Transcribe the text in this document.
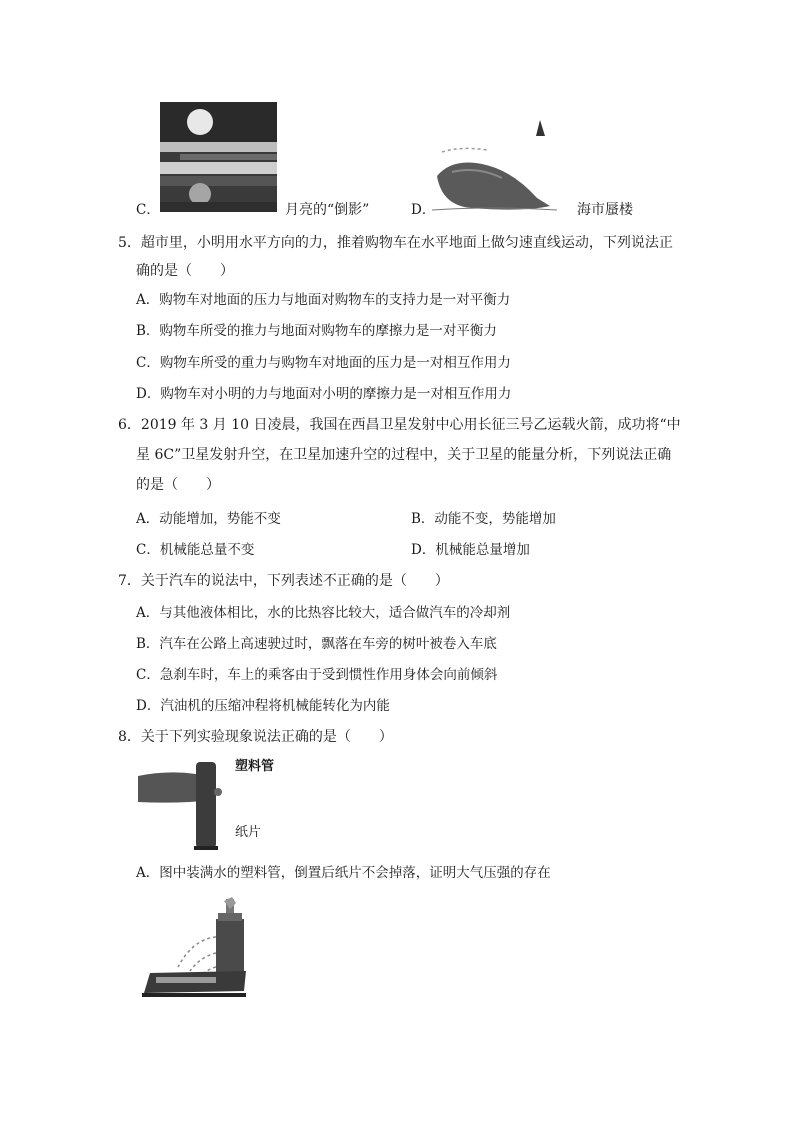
C．	月亮的“倒影”	D．	海市蜃楼
5．超市里，小明用水平方向的力，推着购物车在水平地面上做匀速直线运动，下列说法正
确的是（　　）
A．购物车对地面的压力与地面对购物车的支持力是一对平衡力
B．购物车所受的推力与地面对购物车的摩擦力是一对平衡力
C．购物车所受的重力与购物车对地面的压力是一对相互作用力
D．购物车对小明的力与地面对小明的摩擦力是一对相互作用力
6．2019 年 3 月 10 日凌晨，我国在西昌卫星发射中心用长征三号乙运载火箭，成功将“中
星 6C”卫星发射升空，在卫星加速升空的过程中，关于卫星的能量分析，下列说法正确
的是（　　）
A．动能增加，势能不变	B．动能不变，势能增加
C．机械能总量不变	D．机械能总量增加
7．关于汽车的说法中，下列表述不正确的是（　　）
A．与其他液体相比，水的比热容比较大，适合做汽车的冷却剂
B．汽车在公路上高速驶过时，飘落在车旁的树叶被卷入车底
C．急刹车时，车上的乘客由于受到惯性作用身体会向前倾斜
D．汽油机的压缩冲程将机械能转化为内能
8．关于下列实验现象说法正确的是（　　）
塑料管
纸片
A．图中装满水的塑料管，倒置后纸片不会掉落，证明大气压强的存在
